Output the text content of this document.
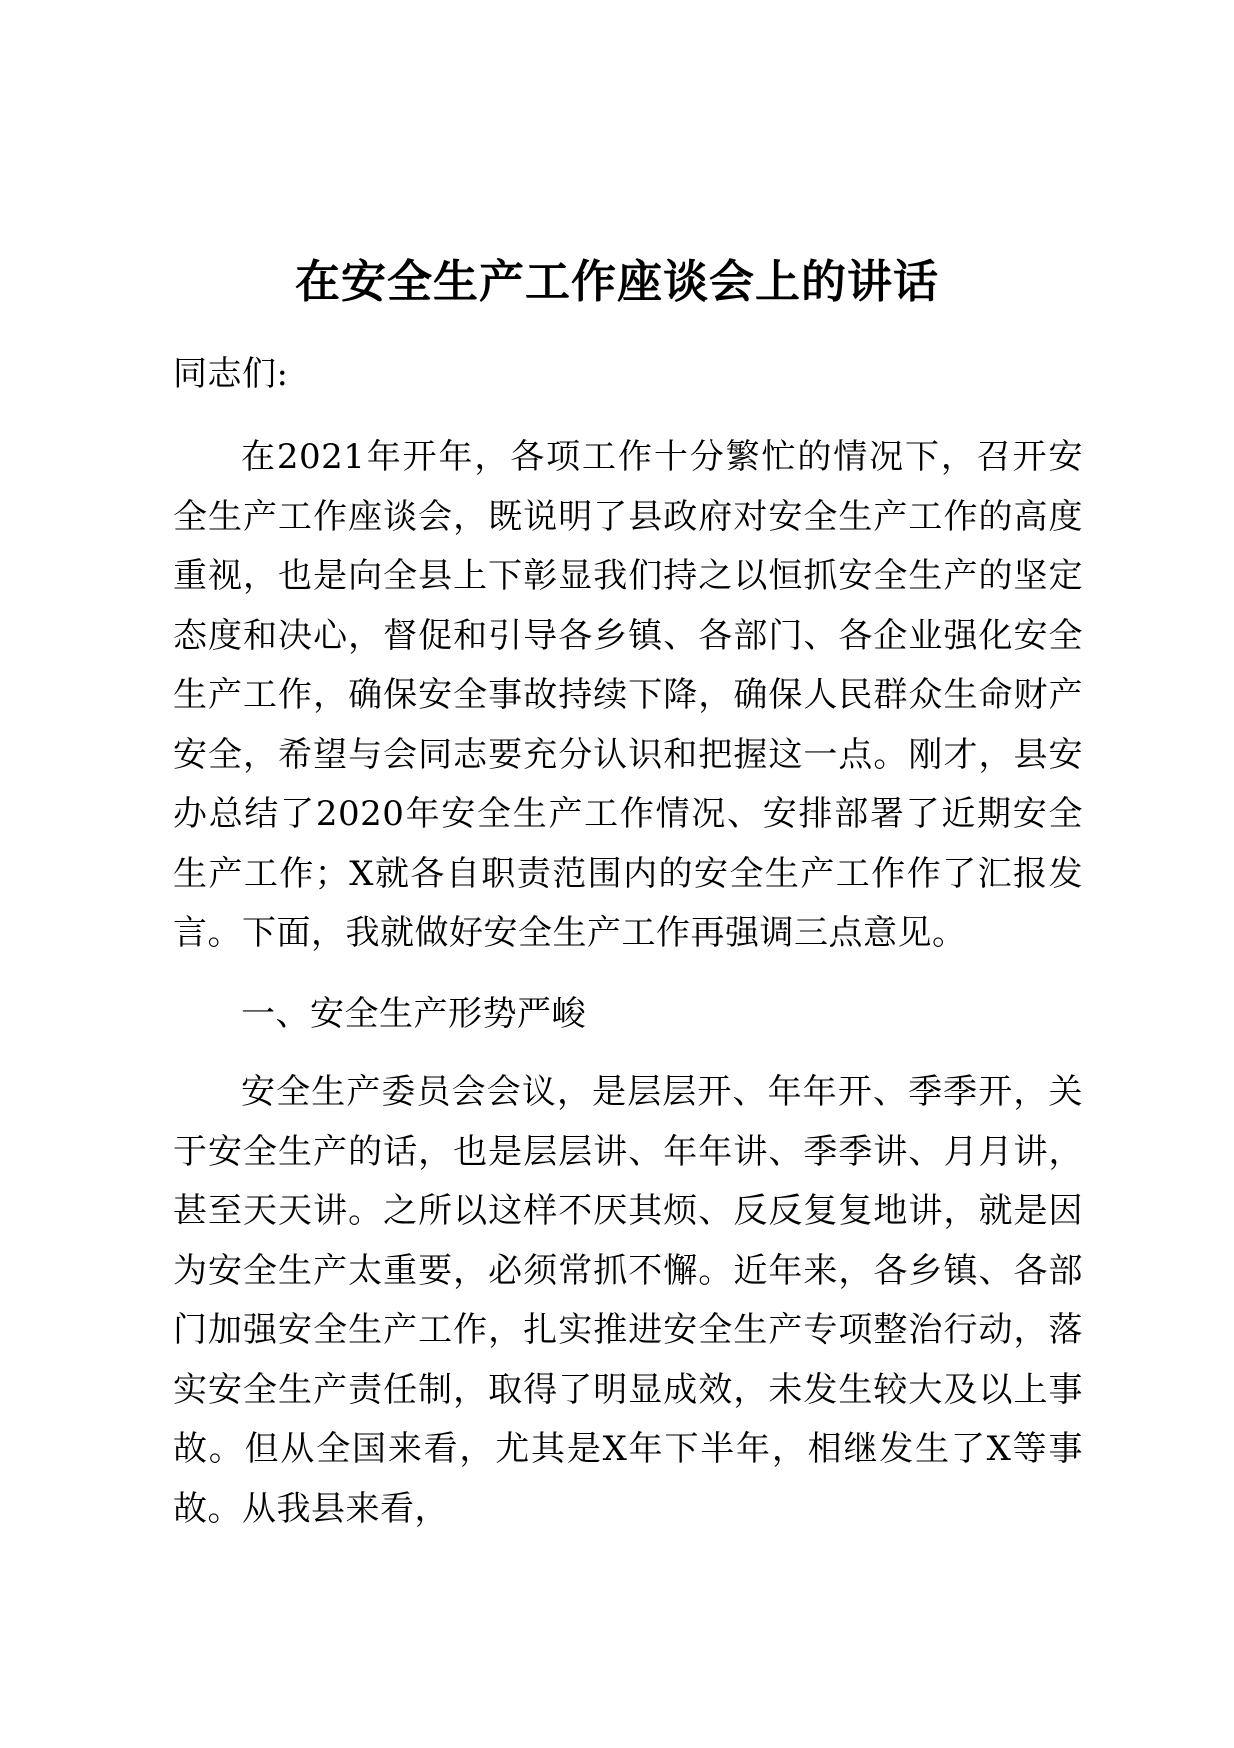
在安全生产工作座谈会上的讲话
同志们:

在2021年开年，各项工作十分繁忙的情况下，召开安全生产工作座谈会，既说明了县政府对安全生产工作的高度重视，也是向全县上下彰显我们持之以恒抓安全生产的坚定态度和决心，督促和引导各乡镇、各部门、各企业强化安全生产工作，确保安全事故持续下降，确保人民群众生命财产安全，希望与会同志要充分认识和把握这一点。刚才，县安办总结了2020年安全生产工作情况、安排部署了近期安全生产工作；X就各自职责范围内的安全生产工作作了汇报发言。下面，我就做好安全生产工作再强调三点意见。

一、安全生产形势严峻

安全生产委员会会议，是层层开、年年开、季季开，关于安全生产的话，也是层层讲、年年讲、季季讲、月月讲，甚至天天讲。之所以这样不厌其烦、反反复复地讲，就是因为安全生产太重要，必须常抓不懈。近年来，各乡镇、各部门加强安全生产工作，扎实推进安全生产专项整治行动，落实安全生产责任制，取得了明显成效，未发生较大及以上事故。但从全国来看，尤其是X年下半年，相继发生了X等事故。从我县来看，
